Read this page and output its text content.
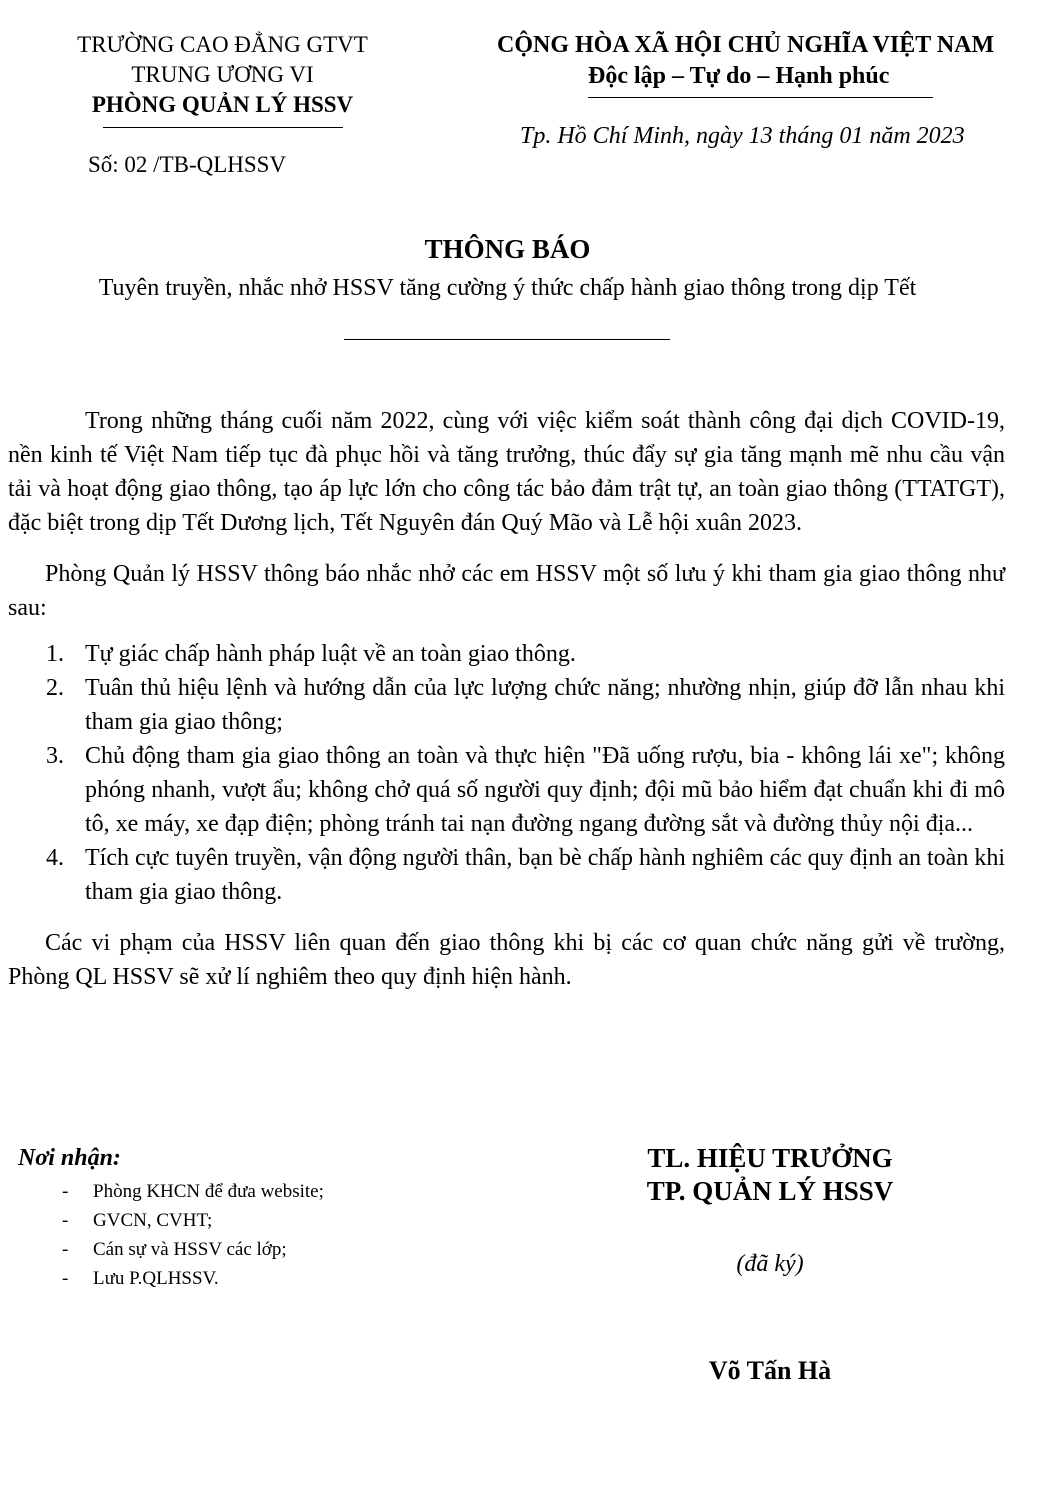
TRƯỜNG CAO ĐẲNG GTVT
TRUNG ƯƠNG VI
PHÒNG QUẢN LÝ HSSV
Số: 02 /TB-QLHSSV
CỘNG HÒA XÃ HỘI CHỦ NGHĨA VIỆT NAM
Độc lập – Tự do – Hạnh phúc
Tp. Hồ Chí Minh, ngày 13 tháng 01 năm 2023
THÔNG BÁO
Tuyên truyền, nhắc nhở HSSV tăng cường ý thức chấp hành giao thông trong dịp Tết

Trong những tháng cuối năm 2022, cùng với việc kiểm soát thành công đại dịch COVID-19, nền kinh tế Việt Nam tiếp tục đà phục hồi và tăng trưởng, thúc đẩy sự gia tăng mạnh mẽ nhu cầu vận tải và hoạt động giao thông, tạo áp lực lớn cho công tác bảo đảm trật tự, an toàn giao thông (TTATGT), đặc biệt trong dịp Tết Dương lịch, Tết Nguyên đán Quý Mão và Lễ hội xuân 2023.

Phòng Quản lý HSSV thông báo nhắc nhở các em HSSV một số lưu ý khi tham gia giao thông như sau:

1. Tự giác chấp hành pháp luật về an toàn giao thông.
2. Tuân thủ hiệu lệnh và hướng dẫn của lực lượng chức năng; nhường nhịn, giúp đỡ lẫn nhau khi tham gia giao thông;
3. Chủ động tham gia giao thông an toàn và thực hiện "Đã uống rượu, bia - không lái xe"; không phóng nhanh, vượt ẩu; không chở quá số người quy định; đội mũ bảo hiểm đạt chuẩn khi đi mô tô, xe máy, xe đạp điện; phòng tránh tai nạn đường ngang đường sắt và đường thủy nội địa...
4. Tích cực tuyên truyền, vận động người thân, bạn bè chấp hành nghiêm các quy định an toàn khi tham gia giao thông.

Các vi phạm của HSSV liên quan đến giao thông khi bị các cơ quan chức năng gửi về trường, Phòng QL HSSV sẽ xử lí nghiêm theo quy định hiện hành.

Nơi nhận:
- Phòng KHCN để đưa website;
- GVCN, CVHT;
- Cán sự và HSSV các lớp;
- Lưu P.QLHSSV.
TL. HIỆU TRƯỞNG
TP. QUẢN LÝ HSSV
(đã ký)
Võ Tấn Hà
